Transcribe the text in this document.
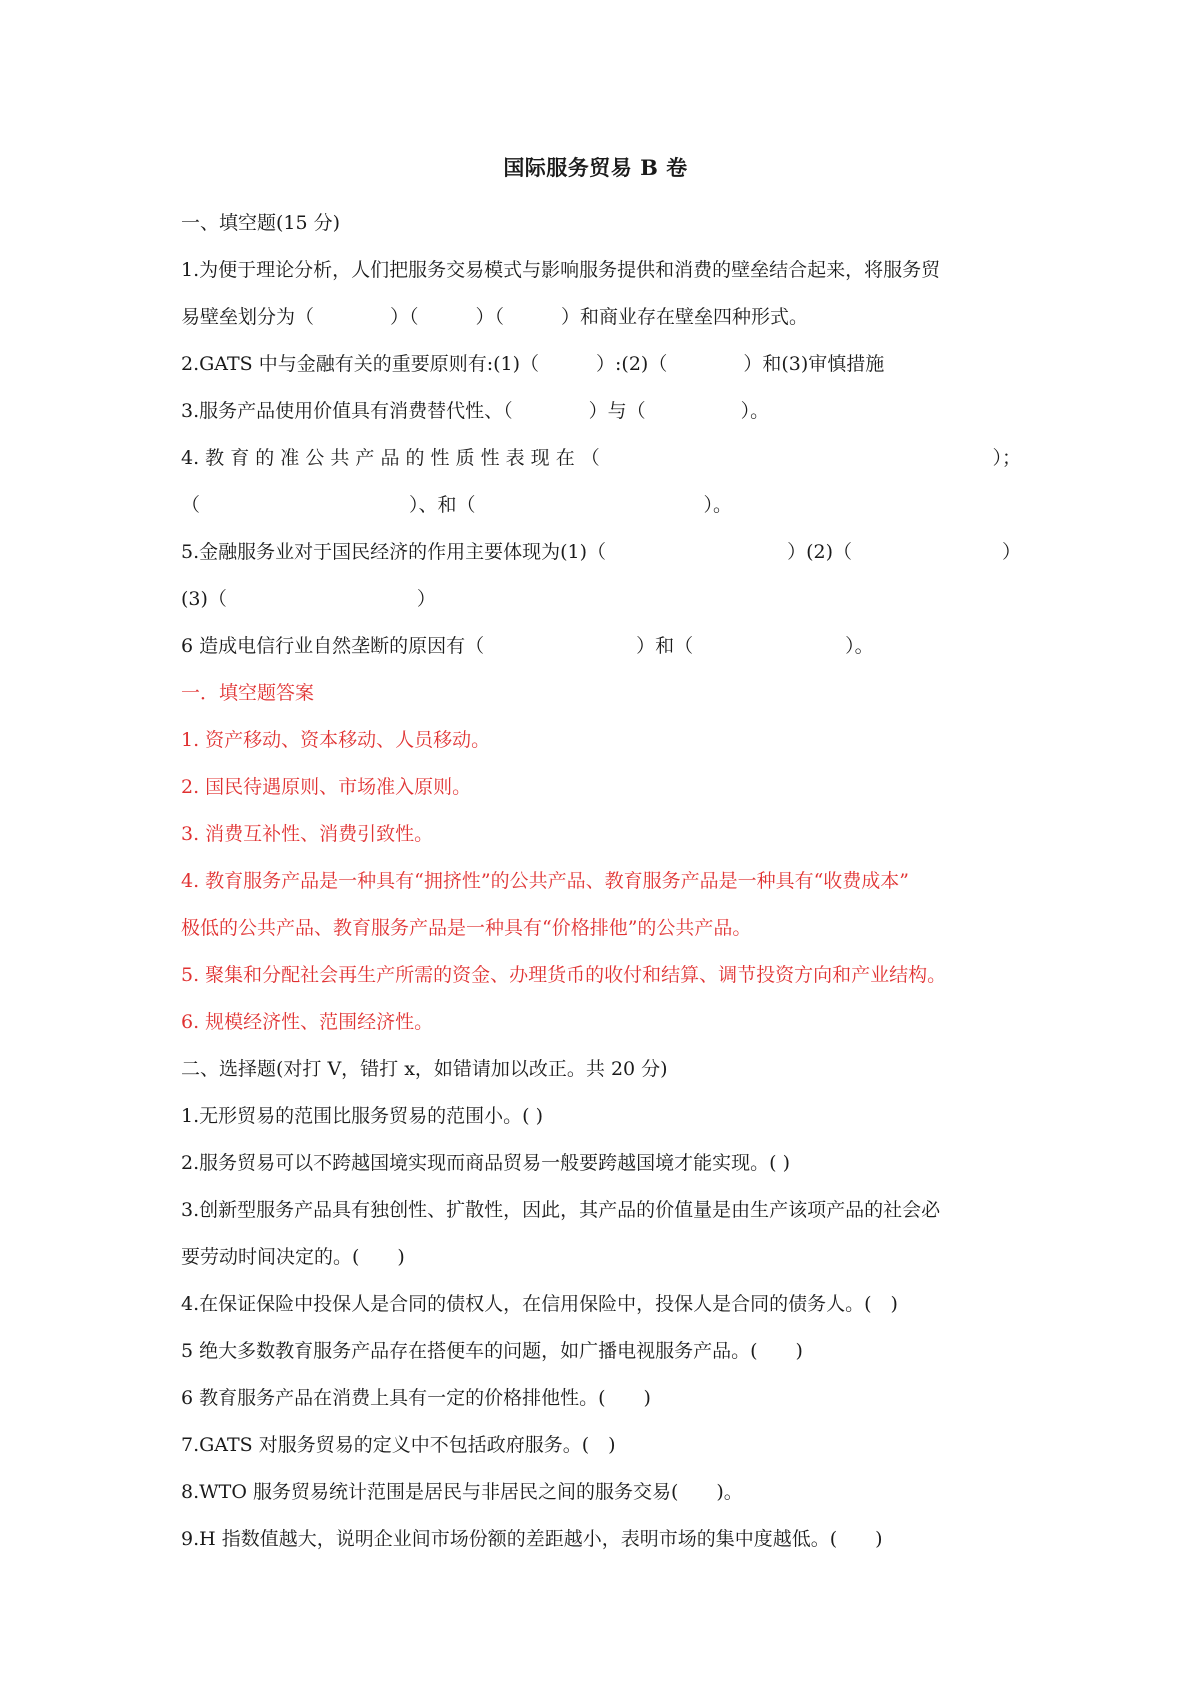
国际服务贸易 B 卷
一、填空题(15 分)
1.为便于理论分析，人们把服务交易模式与影响服务提供和消费的壁垒结合起来，将服务贸
易壁垒划分为（　　　　）（　　　）（　　　）和商业存在壁垒四种形式。
2.GATS 中与金融有关的重要原则有:(1)（　　　）:(2)（　　　　）和(3)审慎措施
3.服务产品使用价值具有消费替代性、（　　　　）与（　　　　　）。
4. 教 育 的 准 公 共 产 品 的 性 质 性 表 现 在 （	）；
（　　　　　　　　　　　）、和（　　　　　　　　　　　　）。
5.金融服务业对于国民经济的作用主要体现为(1)（	）(2)（	）
(3)（　　　　　　　　　　）
6 造成电信行业自然垄断的原因有（　　　　　　　　）和（　　　　　　　　）。
一．填空题答案
1. 资产移动、资本移动、人员移动。
2. 国民待遇原则、市场准入原则。
3. 消费互补性、消费引致性。
4. 教育服务产品是一种具有“拥挤性”的公共产品、教育服务产品是一种具有“收费成本”
极低的公共产品、教育服务产品是一种具有“价格排他”的公共产品。
5. 聚集和分配社会再生产所需的资金、办理货币的收付和结算、调节投资方向和产业结构。
6. 规模经济性、范围经济性。
二、选择题(对打 V，错打 x，如错请加以改正。共 20 分)
1.无形贸易的范围比服务贸易的范围小。( )
2.服务贸易可以不跨越国境实现而商品贸易一般要跨越国境才能实现。( )
3.创新型服务产品具有独创性、扩散性，因此，其产品的价值量是由生产该项产品的社会必
要劳动时间决定的。(　　)
4.在保证保险中投保人是合同的债权人，在信用保险中，投保人是合同的债务人。(　)
5 绝大多数教育服务产品存在搭便车的问题，如广播电视服务产品。(　　)
6 教育服务产品在消费上具有一定的价格排他性。(　　)
7.GATS 对服务贸易的定义中不包括政府服务。(　)
8.WTO 服务贸易统计范围是居民与非居民之间的服务交易(　　)。
9.H 指数值越大，说明企业间市场份额的差距越小，表明市场的集中度越低。(　　)
